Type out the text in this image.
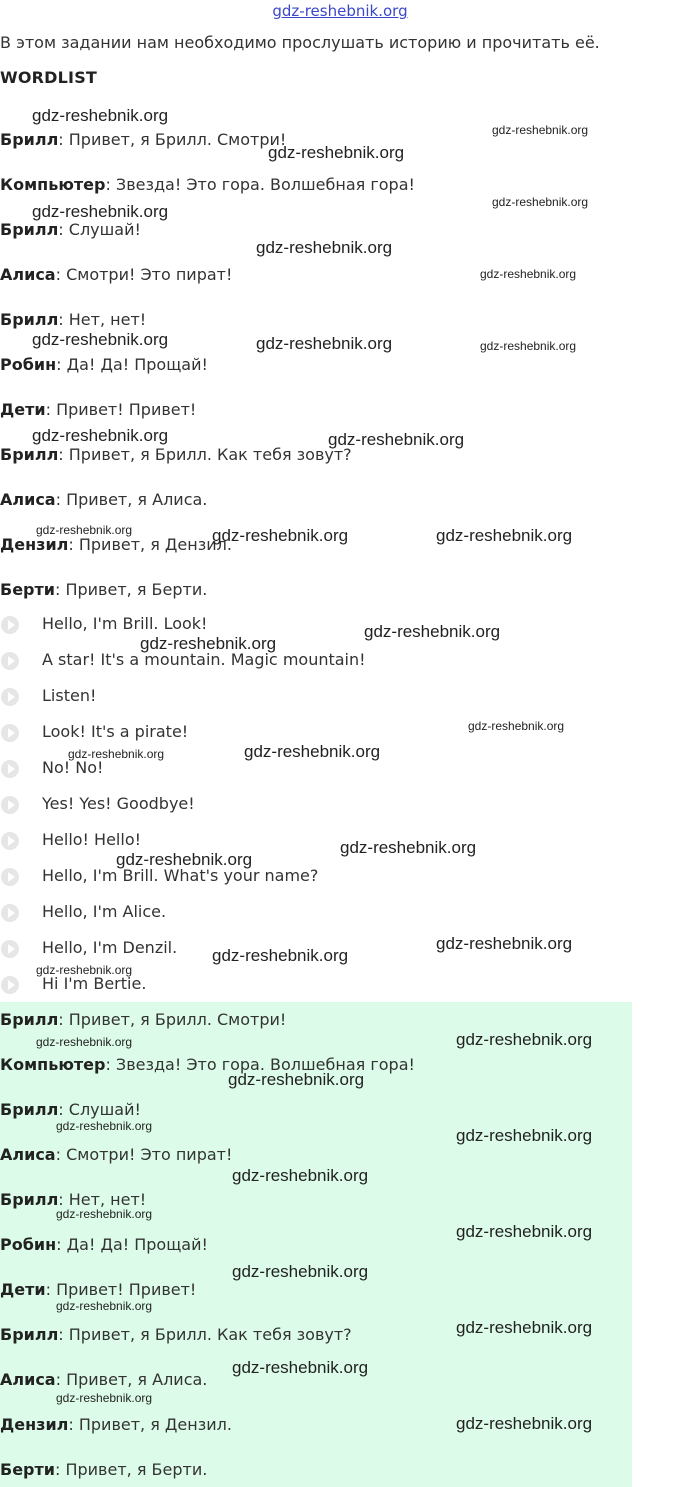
gdz-reshebnik.org
В этом задании нам необходимо прослушать историю и прочитать её.
WORDLIST
Брилл: Привет, я Брилл. Смотри!
Компьютер: Звезда! Это гора. Волшебная гора!
Брилл: Слушай!
Алиса: Смотри! Это пират!
Брилл: Нет, нет!
Робин: Да! Да! Прощай!
Дети: Привет! Привет!
Брилл: Привет, я Брилл. Как тебя зовут?
Алиса: Привет, я Алиса.
Дензил: Привет, я Дензил.
Берти: Привет, я Берти.
Hello, I'm Brill. Look!
A star! It's a mountain. Magic mountain!
Listen!
Look! It's a pirate!
No! No!
Yes! Yes! Goodbye!
Hello! Hello!
Hello, I'm Brill. What's your name?
Hello, I'm Alice.
Hello, I'm Denzil.
Hi I'm Bertie.
Брилл: Привет, я Брилл. Смотри!
Компьютер: Звезда! Это гора. Волшебная гора!
Брилл: Слушай!
Алиса: Смотри! Это пират!
Брилл: Нет, нет!
Робин: Да! Да! Прощай!
Дети: Привет! Привет!
Брилл: Привет, я Брилл. Как тебя зовут?
Алиса: Привет, я Алиса.
Дензил: Привет, я Дензил.
Берти: Привет, я Берти.
gdz-reshebnik.org
gdz-reshebnik.org
gdz-reshebnik.org
gdz-reshebnik.org
gdz-reshebnik.org
gdz-reshebnik.org
gdz-reshebnik.org
gdz-reshebnik.org	gdz-reshebnik.org	gdz-reshebnik.org
gdz-reshebnik.org	gdz-reshebnik.org
gdz-reshebnik.org	gdz-reshebnik.org	gdz-reshebnik.org
gdz-reshebnik.org
gdz-reshebnik.org
gdz-reshebnik.org
gdz-reshebnik.org
gdz-reshebnik.org
gdz-reshebnik.org
gdz-reshebnik.org
gdz-reshebnik.org
gdz-reshebnik.org
gdz-reshebnik.org
gdz-reshebnik.org
gdz-reshebnik.org
gdz-reshebnik.org
gdz-reshebnik.org	gdz-reshebnik.org
gdz-reshebnik.org
gdz-reshebnik.org
gdz-reshebnik.org
gdz-reshebnik.org
gdz-reshebnik.org
gdz-reshebnik.org
gdz-reshebnik.org
gdz-reshebnik.org
gdz-reshebnik.org
